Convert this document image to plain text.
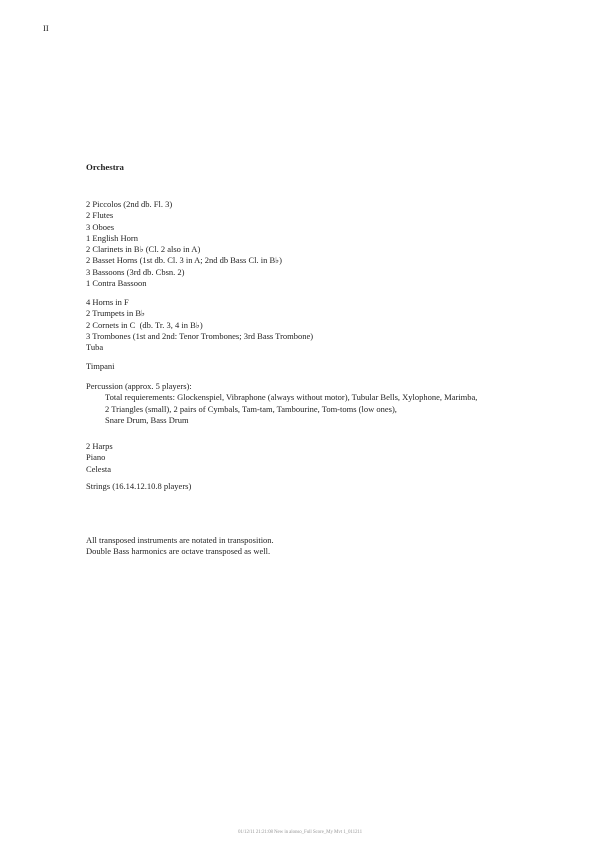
II
Orchestra
2 Piccolos (2nd db. Fl. 3)
2 Flutes
3 Oboes
1 English Horn
2 Clarinets in B♭ (Cl. 2 also in A)
2 Basset Horns (1st db. Cl. 3 in A; 2nd db Bass Cl. in B♭)
3 Bassoons (3rd db. Cbsn. 2)
1 Contra Bassoon
4 Horns in F
2 Trumpets in B♭
2 Cornets in C  (db. Tr. 3, 4 in B♭)
3 Trombones (1st and 2nd: Tenor Trombones; 3rd Bass Trombone)
Tuba
Timpani
Percussion (approx. 5 players):
Total requierements: Glockenspiel, Vibraphone (always without motor), Tubular Bells, Xylophone, Marimba,
2 Triangles (small), 2 pairs of Cymbals, Tam-tam, Tambourine, Tom-toms (low ones),
Snare Drum, Bass Drum
2 Harps
Piano
Celesta
Strings (16.14.12.10.8 players)
All transposed instruments are notated in transposition.
Double Bass harmonics are octave transposed as well.
01/12/11 21:21:08 New in alonso_Full Score_My Mvt 1_011211
